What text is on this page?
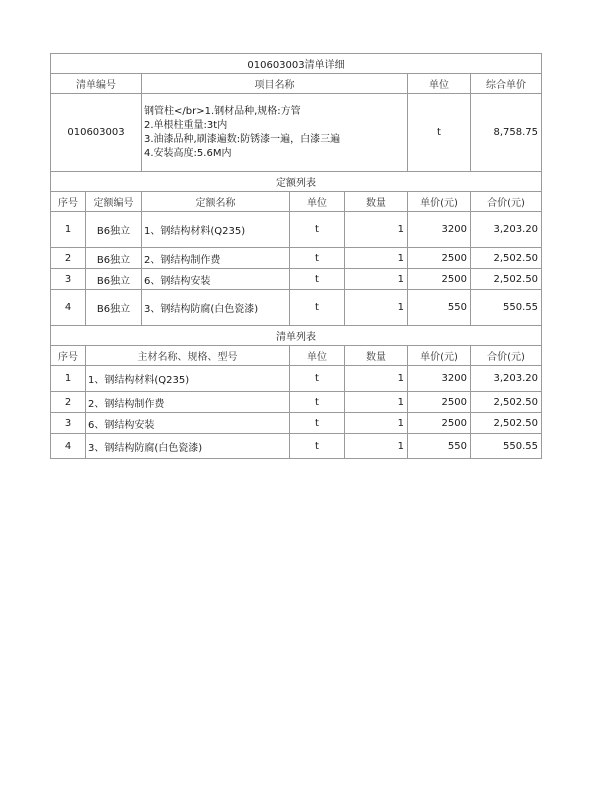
010603003清单详细			
清单编号	项目名称	单位	综合单价
010603003	钢管柱</br>1.钢材品种,规格:方管
2.单根柱重量:3t内
3.油漆品种,刷漆遍数:防锈漆一遍，白漆三遍
4.安装高度:5.6M内	t	8,758.75
定额列表						
序号	定额编号	定额名称	单位	数量	单价(元)	合价(元)
1	B6独立	1、钢结构材料(Q235)	t	1	3200	3,203.20
2	B6独立	2、钢结构制作费	t	1	2500	2,502.50
3	B6独立	6、钢结构安装	t	1	2500	2,502.50
4	B6独立	3、钢结构防腐(白色瓷漆)	t	1	550	550.55
清单列表					
序号	主材名称、规格、型号	单位	数量	单价(元)	合价(元)
1	1、钢结构材料(Q235)	t	1	3200	3,203.20
2	2、钢结构制作费	t	1	2500	2,502.50
3	6、钢结构安装	t	1	2500	2,502.50
4	3、钢结构防腐(白色瓷漆)	t	1	550	550.55
